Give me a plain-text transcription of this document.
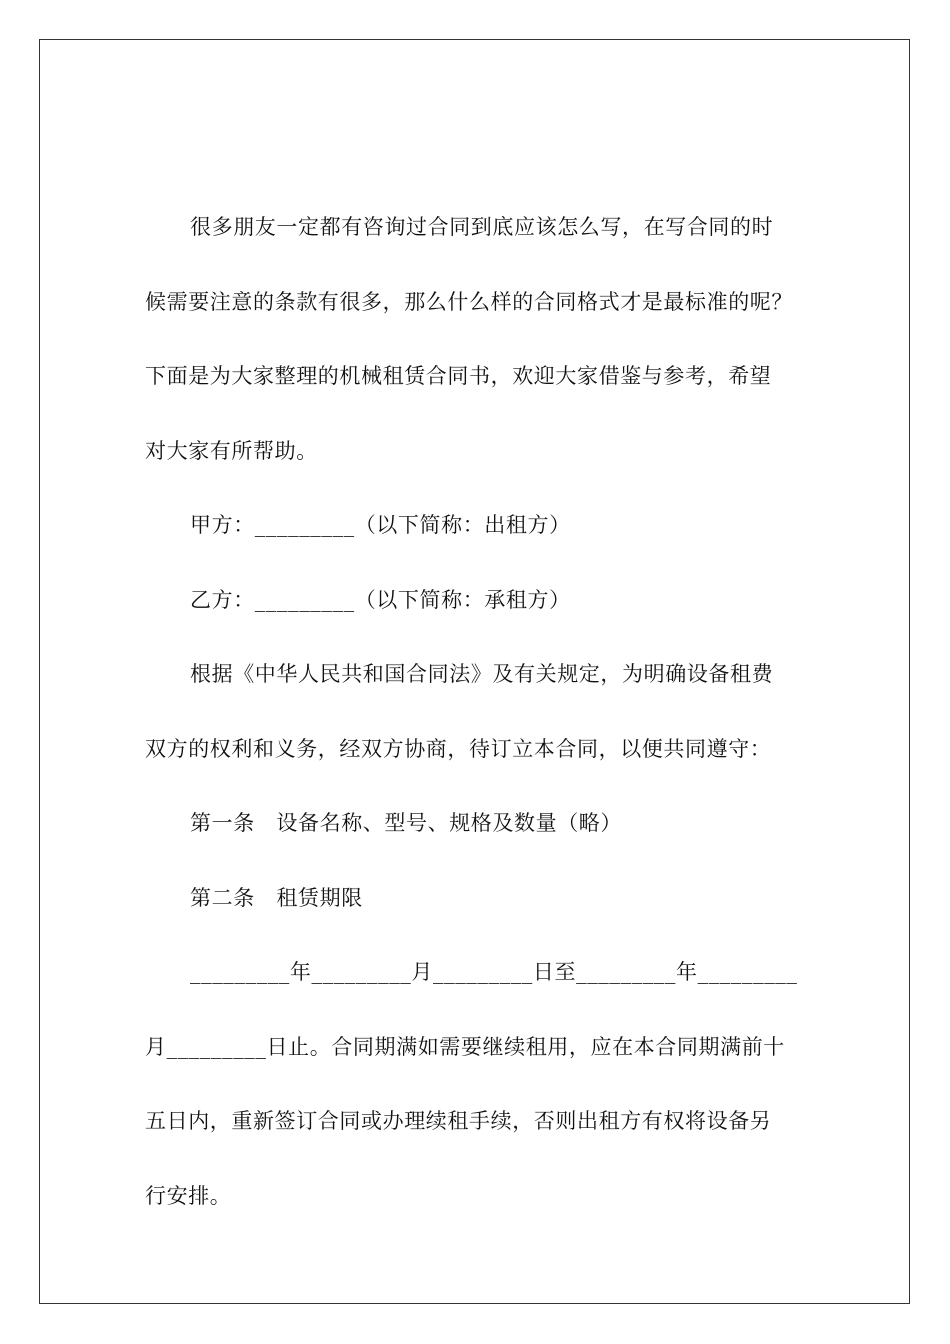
很多朋友一定都有咨询过合同到底应该怎么写，在写合同的时
候需要注意的条款有很多，那么什么样的合同格式才是最标准的呢？
下面是为大家整理的机械租赁合同书，欢迎大家借鉴与参考，希望
对大家有所帮助。
甲方：_________（以下简称：出租方）
乙方：_________（以下简称：承租方）
根据《中华人民共和国合同法》及有关规定，为明确设备租费
双方的权利和义务，经双方协商，待订立本合同，以便共同遵守：
第一条　设备名称、型号、规格及数量（略）
第二条　租赁期限
_________年_________月_________日至_________年_________
月_________日止。合同期满如需要继续租用，应在本合同期满前十
五日内，重新签订合同或办理续租手续，否则出租方有权将设备另
行安排。
